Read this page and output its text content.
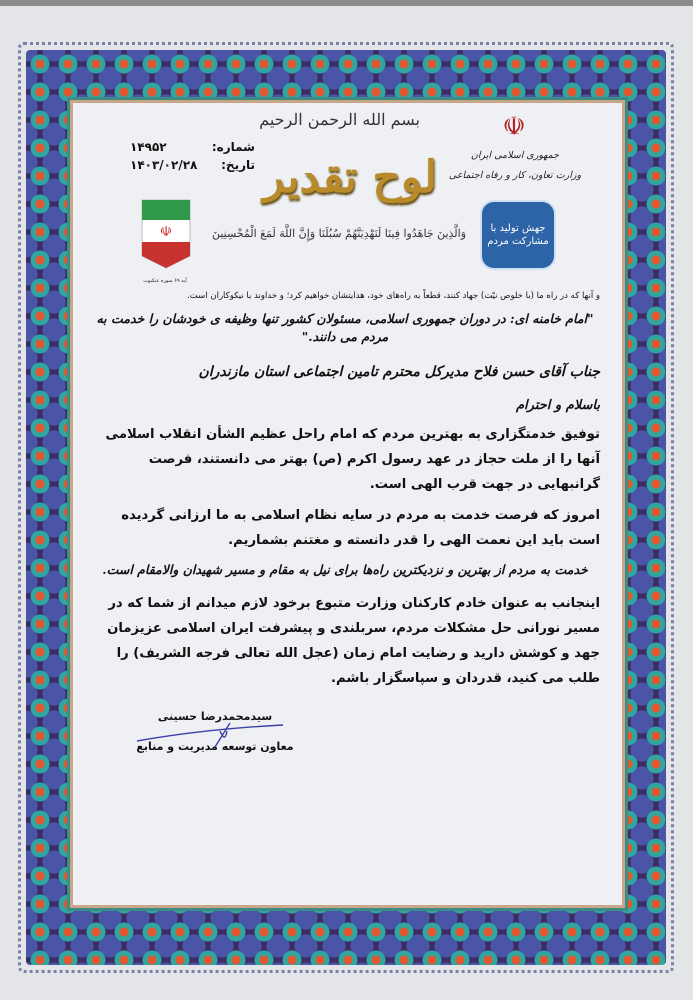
شماره:
۱۴۹۵۲
تاریخ:
۱۴۰۳/۰۲/۲۸
بسم الله الرحمن الرحیم
لوح تقدیر
☫
جمهوری اسلامی ایران
وزارت تعاون، کار و رفاه اجتماعی
جهش تولید با مشارکت مردم
☫	وَالَّذِينَ جَاهَدُوا فِينَا لَنَهْدِيَنَّهُمْ سُبُلَنَا وَإِنَّ اللَّهَ لَمَعَ الْمُحْسِنِينَ
آیه ۶۹ سوره عنکبوت
و آنها که در راه ما (با خلوص نیّت) جهاد کنند، قطعاً به راه‌های خود، هدایتشان خواهیم کرد؛ و خداوند با نیکوکاران است.
"امام خامنه ای: در دوران جمهوری اسلامی، مسئولان کشور تنها وظیفه ی خودشان را خدمت به مردم می دانند."
جناب آقای حسن فلاح مدیرکل محترم تامین اجتماعی استان مازندران
باسلام و احترام
توفیق خدمتگزاری به بهترین مردم که امام راحل عظیم الشأن انقلاب اسلامی آنها را از ملت حجاز در عهد رسول اکرم (ص) بهتر می دانستند، فرصت گرانبهایی در جهت قرب الهی است.
امروز که فرصت خدمت به مردم در سایه نظام اسلامی به ما ارزانی گردیده است باید این نعمت الهی را قدر دانسته و مغتنم بشماریم.
خدمت به مردم از بهترین و نزدیکترین راه‌ها برای نیل به مقام و مسیر شهیدان والامقام است.
اینجانب به عنوان خادم کارکنان وزارت متبوع برخود لازم میدانم از شما که در مسیر نورانی حل مشکلات مردم، سربلندی و پیشرفت ایران اسلامی عزیزمان جهد و کوشش دارید و رضایت امام زمان (عجل الله تعالی فرجه الشریف) را طلب می کنید، قدردان و سپاسگزار باشم.
سیدمحمدرضا حسینی
معاون توسعه مدیریت و منابع
